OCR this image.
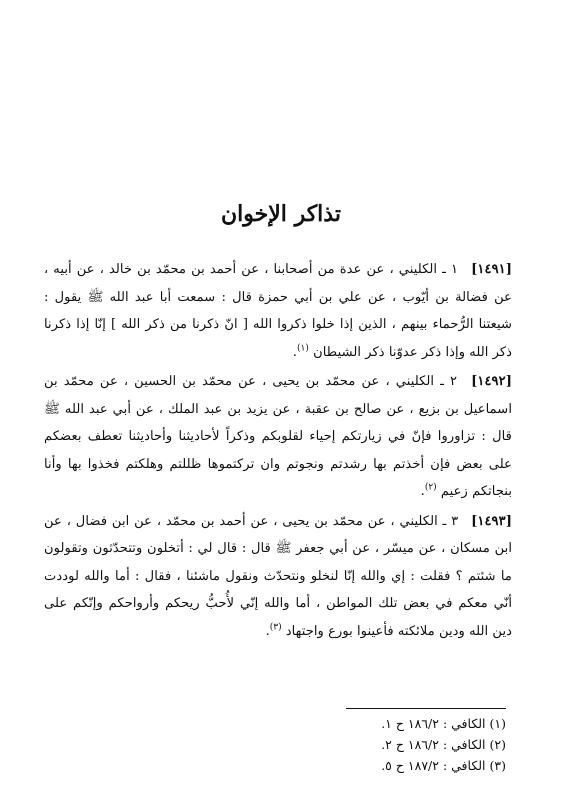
تذاكر الإخوان

[١٤٩١] ١ ـ الكليني ، عن عدة من أصحابنا ، عن أحمد بن محمّد بن خالد ، عن أبيه ، عن فضالة بن أيّوب ، عن علي بن أبي حمزة قال : سمعت أبا عبد الله ﷺ يقول : شيعتنا الرُّحماء بينهم ، الذين إذا خلوا ذكروا الله [ انّ ذكرنا من ذكر الله ] إنّا إذا ذكرنا ذكر الله وإذا ذكر عدوّنا ذكر الشيطان $^{(١)}$.

[١٤٩٢] ٢ ـ الكليني ، عن محمّد بن يحيى ، عن محمّد بن الحسين ، عن محمّد بن اسماعيل بن بزيع ، عن صالح بن عقبة ، عن يزيد بن عبد الملك ، عن أبي عبد الله ﷺ قال : تزاوروا فإنّ في زيارتكم إحياء لقلوبكم وذكراً لأحاديثنا وأحاديثنا تعطف بعضكم على بعض فإن أخذتم بها رشدتم ونجوتم وان تركتموها ظللتم وهلكتم فخذوا بها وأنا بنجاتكم زعيم $^{(٢)}$.

[١٤٩٣] ٣ ـ الكليني ، عن محمّد بن يحيى ، عن أحمد بن محمّد ، عن ابن فضال ، عن ابن مسكان ، عن ميسّر ، عن أبي جعفر ﷺ قال : قال لي : أتخلون وتتحدّثون وتقولون ما شئتم ؟ فقلت : إي والله إنّا لنخلو ونتحدّث ونقول ماشئنا ، فقال : أما والله لوددت أنّي معكم في بعض تلك المواطن ، أما والله إنّي لأُحبُّ ريحكم وأرواحكم وإنّكم على دين الله ودين ملائكته فأعينوا بورع واجتهاد $^{(٣)}$.

(١) الكافي : ١٨٦/٢ ح ١.
(٢) الكافي : ١٨٦/٢ ح ٢.
(٣) الكافي : ١٨٧/٢ ح ٥.
